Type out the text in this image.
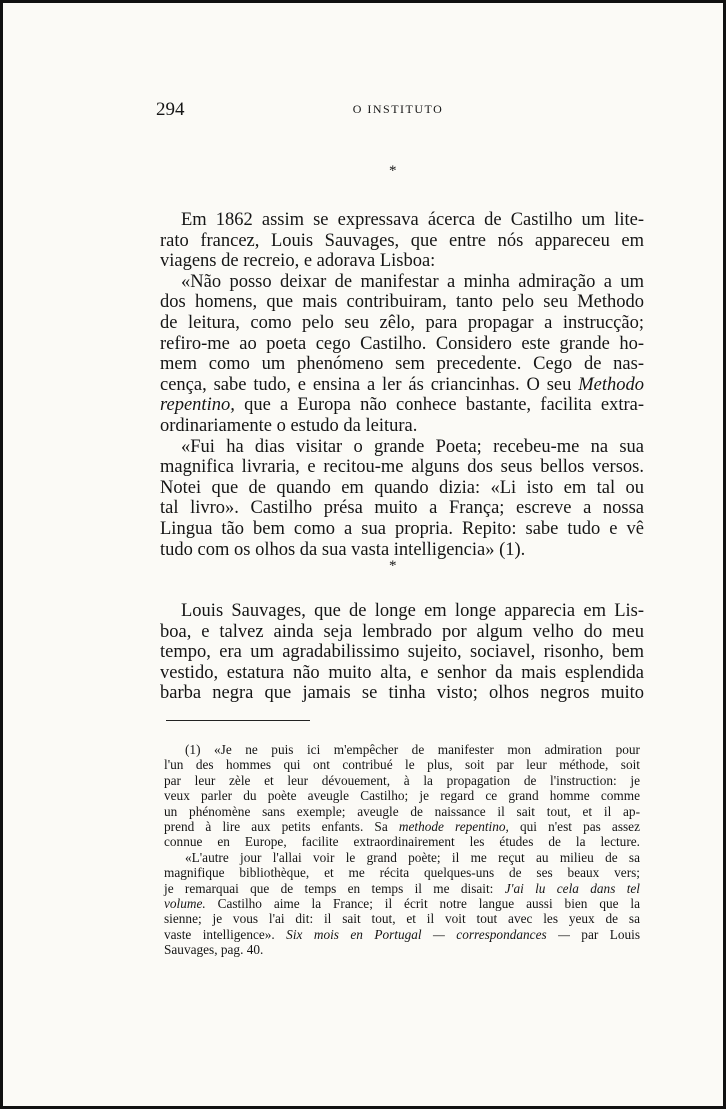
294	O INSTITUTO
*
Em 1862 assim se expressava ácerca de Castilho um lite-
rato francez, Louis Sauvages, que entre nós appareceu em
viagens de recreio, e adorava Lisboa:
«Não posso deixar de manifestar a minha admiração a um
dos homens, que mais contribuiram, tanto pelo seu Methodo
de leitura, como pelo seu zêlo, para propagar a instrucção;
refiro-me ao poeta cego Castilho. Considero este grande ho-
mem como um phenómeno sem precedente. Cego de nas-
cença, sabe tudo, e ensina a ler ás criancinhas. O seu Methodo
repentino, que a Europa não conhece bastante, facilita extra-
ordinariamente o estudo da leitura.
«Fui ha dias visitar o grande Poeta; recebeu-me na sua
magnifica livraria, e recitou-me alguns dos seus bellos versos.
Notei que de quando em quando dizia: «Li isto em tal ou
tal livro». Castilho présa muito a França; escreve a nossa
Lingua tão bem como a sua propria. Repito: sabe tudo e vê
tudo com os olhos da sua vasta intelligencia» (1).
*
Louis Sauvages, que de longe em longe apparecia em Lis-
boa, e talvez ainda seja lembrado por algum velho do meu
tempo, era um agradabilissimo sujeito, sociavel, risonho, bem
vestido, estatura não muito alta, e senhor da mais esplendida
barba negra que jamais se tinha visto; olhos negros muito
(1) «Je ne puis ici m'empêcher de manifester mon admiration pour
l'un des hommes qui ont contribué le plus, soit par leur méthode, soit
par leur zèle et leur dévouement, à la propagation de l'instruction: je
veux parler du poète aveugle Castilho; je regard ce grand homme comme
un phénomène sans exemple; aveugle de naissance il sait tout, et il ap-
prend à lire aux petits enfants. Sa methode repentino, qui n'est pas assez
connue en Europe, facilite extraordinairement les études de la lecture.
«L'autre jour l'allai voir le grand poète; il me reçut au milieu de sa
magnifique bibliothèque, et me récita quelques-uns de ses beaux vers;
je remarquai que de temps en temps il me disait: J'ai lu cela dans tel
volume. Castilho aime la France; il écrit notre langue aussi bien que la
sienne; je vous l'ai dit: il sait tout, et il voit tout avec les yeux de sa
vaste intelligence». Six mois en Portugal — correspondances — par Louis
Sauvages, pag. 40.
